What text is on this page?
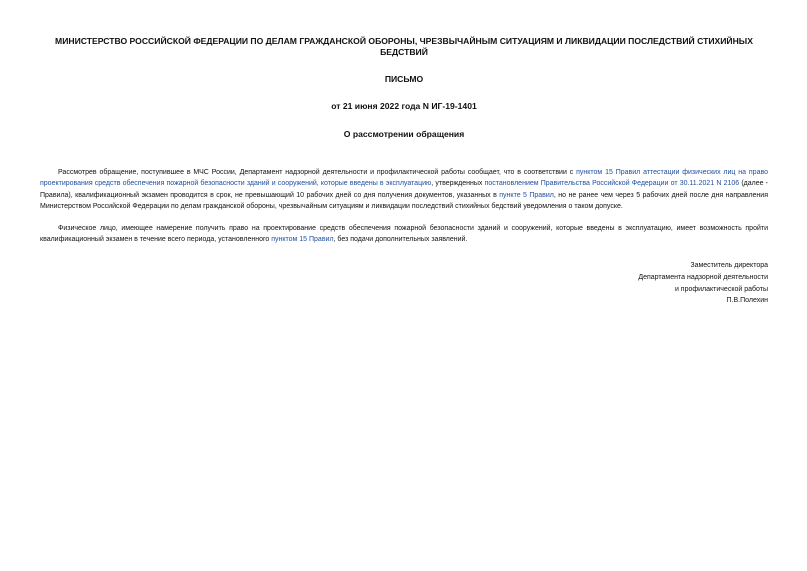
МИНИСТЕРСТВО РОССИЙСКОЙ ФЕДЕРАЦИИ ПО ДЕЛАМ ГРАЖДАНСКОЙ ОБОРОНЫ, ЧРЕЗВЫЧАЙНЫМ СИТУАЦИЯМ И ЛИКВИДАЦИИ ПОСЛЕДСТВИЙ СТИХИЙНЫХ БЕДСТВИЙ

ПИСЬМО

от 21 июня 2022 года N ИГ-19-1401

О рассмотрении обращения

Рассмотрев обращение, поступившее в МЧС России, Департамент надзорной деятельности и профилактической работы сообщает, что в соответствии с пунктом 15 Правил аттестации физических лиц на право проектирования средств обеспечения пожарной безопасности зданий и сооружений, которые введены в эксплуатацию, утвержденных постановлением Правительства Российской Федерации от 30.11.2021 N 2106 (далее - Правила), квалификационный экзамен проводится в срок, не превышающий 10 рабочих дней со дня получения документов, указанных в пункте 5 Правил, но не ранее чем через 5 рабочих дней после дня направления Министерством Российской Федерации по делам гражданской обороны, чрезвычайным ситуациям и ликвидации последствий стихийных бедствий уведомления о таком допуске.

Физическое лицо, имеющее намерение получить право на проектирование средств обеспечения пожарной безопасности зданий и сооружений, которые введены в эксплуатацию, имеет возможность пройти квалификационный экзамен в течение всего периода, установленного пунктом 15 Правил, без подачи дополнительных заявлений.

Заместитель директора
Департамента надзорной деятельности
и профилактической работы
П.В.Полехин
